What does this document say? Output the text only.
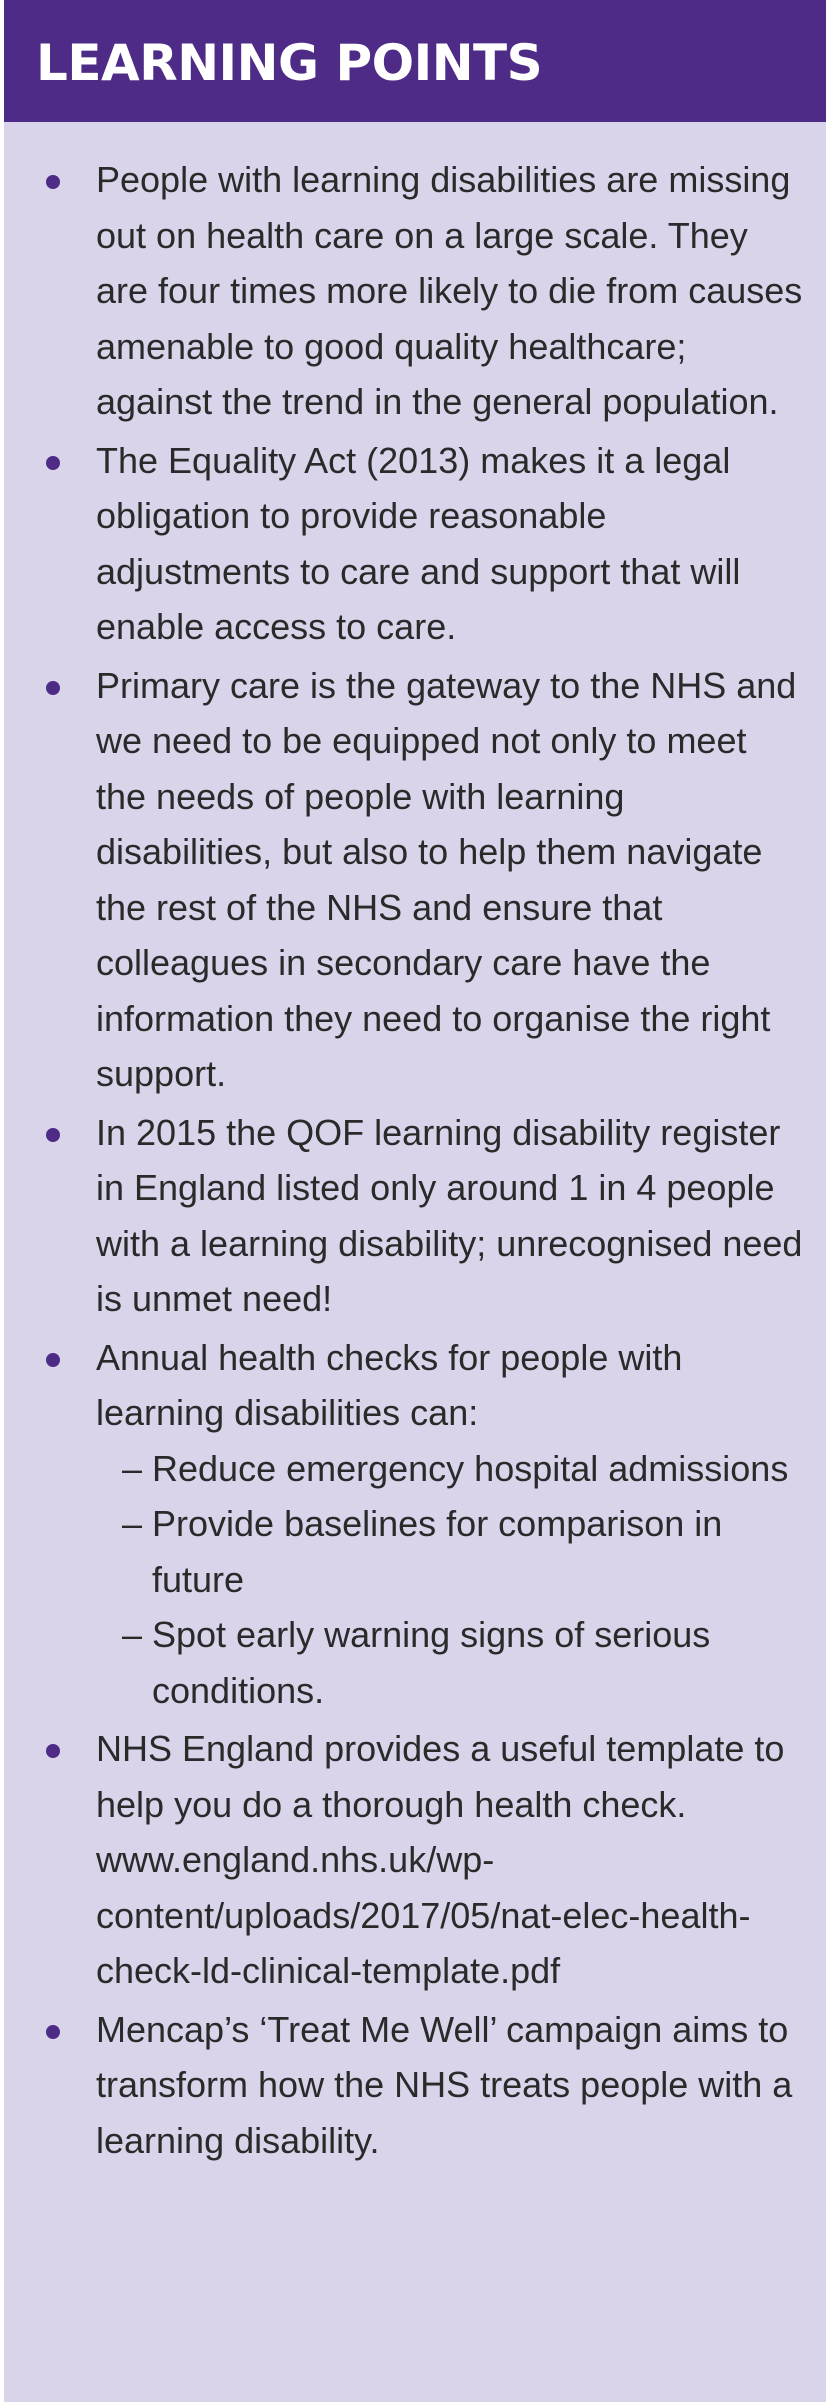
LEARNING POINTS
People with learning disabilities are missing out on health care on a large scale. They are four times more likely to die from causes amenable to good quality healthcare; against the trend in the general population.
The Equality Act (2013) makes it a legal obligation to provide reasonable adjustments to care and support that will enable access to care.
Primary care is the gateway to the NHS and we need to be equipped not only to meet the needs of people with learning disabilities, but also to help them navigate the rest of the NHS and ensure that colleagues in secondary care have the information they need to organise the right support.
In 2015 the QOF learning disability register in England listed only around 1 in 4 people with a learning disability; unrecognised need is unmet need!
Annual health checks for people with learning disabilities can:
– Reduce emergency hospital admissions
– Provide baselines for comparison in future
– Spot early warning signs of serious conditions.
NHS England provides a useful template to help you do a thorough health check.
www.england.nhs.uk/wp-content/uploads/2017/05/nat-elec-health-check-ld-clinical-template.pdf
Mencap’s ‘Treat Me Well’ campaign aims to transform how the NHS treats people with a learning disability.
